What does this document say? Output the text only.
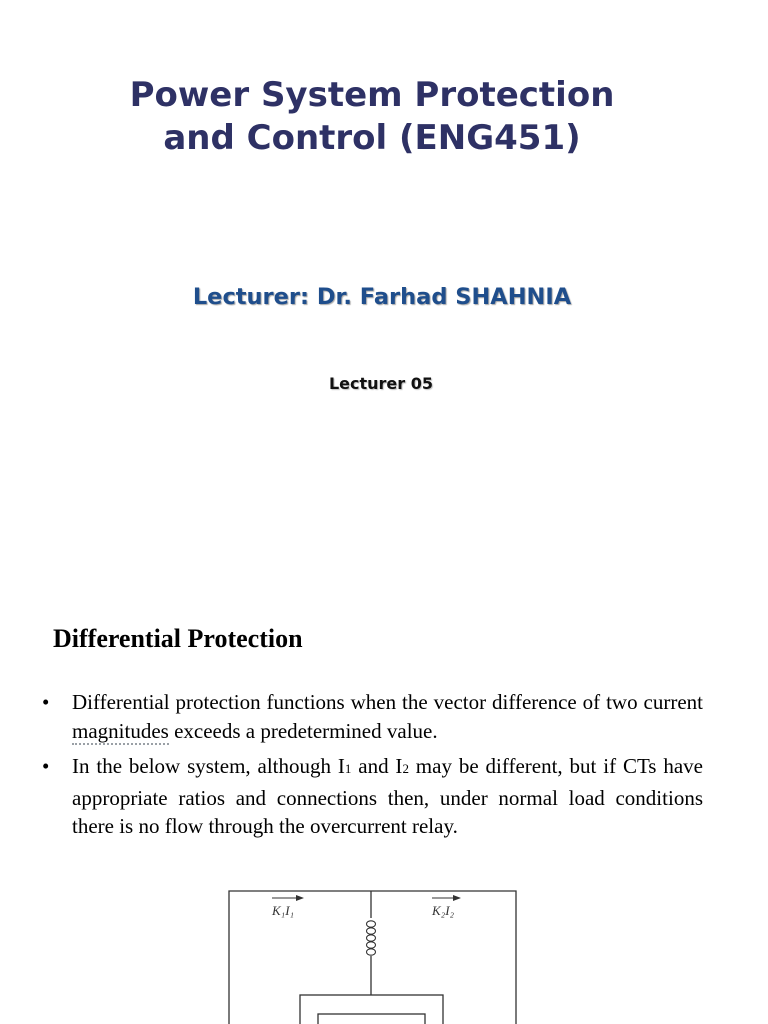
Power System Protection
and Control (ENG451)
Lecturer: Dr. Farhad SHAHNIA
Lecturer 05
Differential Protection
• Differential protection functions when the vector difference of two current magnitudes exceeds a predetermined value.
• In the below system, although I1 and I2 may be different, but if CTs have appropriate ratios and connections then, under normal load conditions there is no flow through the overcurrent relay.
K₁I₁	K₂I₂
